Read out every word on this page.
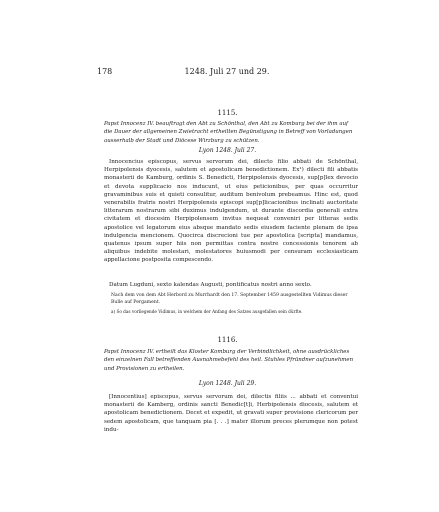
178	1248. Juli 27 und 29.
1115.
Papst Innocenz IV. beauftragt den Abt zu Schönthal, den Abt zu Komburg bei der ihm auf die Dauer der allgemeinen Zwietracht ertheilten Begünstigung in Betreff von Vorladungen ausserhalb der Stadt und Diöcese Wirzburg zu schützen.
Lyon 1248. Juli 27.
Innocencius episcopus, servus servorum dei, dilecto filio abbati de Schönthal, Herpipolensis dyocesis, salutem et apostolicam benedictionem. Ex¹) dilecti fili abbatis monasterii de Kamburg, ordinis S. Benedicti, Herpipolensis dyocesis, sup[p]lex devocio et devota supplicacio nos inducunt, ut eius peticionibus, per quas occurritur gravaminibus suis et quieti consulitur, auditum benivolum prebeamus. Hinc est, quod venerabilis fratris nostri Herpipolensis episcopi sup[p]licacionibus inclinati auctoritate litterarum nostrarum sibi duximus indulgendum, ut durante discordia generali extra civitatem et diocesim Herpipolensem invitus nequeat conveniri per litteras sedis apostolice vel legatorum eius absque mandato sedis eiusdem faciente plenam de ipsa indulgencia mencionem. Quocirca discrecioni tue per apostolica [scripta] mandamus, quatenus ipsum super hiis non permittas contra nostre concessionis tenorem ab aliquibus indebite molestari, molestatores huiusmodi per censuram ecclesiasticam appellacione postposita compescendo.
Datum Lugduni, sexto kalendas Augusti, pontificatus nostri anno sexto.
Nach dem von dem Abt Herbord zu Murrhardt den 17. September 1459 ausgestellten Vidimus dieser Bulle auf Pergament.
a) So das vorliegende Vidimus, in welchem der Anfang des Satzes ausgefallen sein dürfte.
1116.
Papst Innocenz IV. ertheilt das Kloster Komburg der Verbindlichkeit, ohne ausdrückliches den einzelnen Fall betreffenden Ausnahmebefehl des heil. Stuhles Pfründner aufzunehmen und Provisionen zu ertheilen.
Lyon 1248. Juli 29.
[Innocentius] episcopus, servus servorum dei, dilectis filiis ... abbati et conventui monasterii de Kamberg, ordinis sancti Benedic[t]i, Herbipolensis diocesis, salutem et apostolicam benedictionem. Decet et expedit, ut gravati super provisione clericorum per sedem apostolicam, que tanquam pia [. . .] mater illorum preces plerumque non potest indu-
